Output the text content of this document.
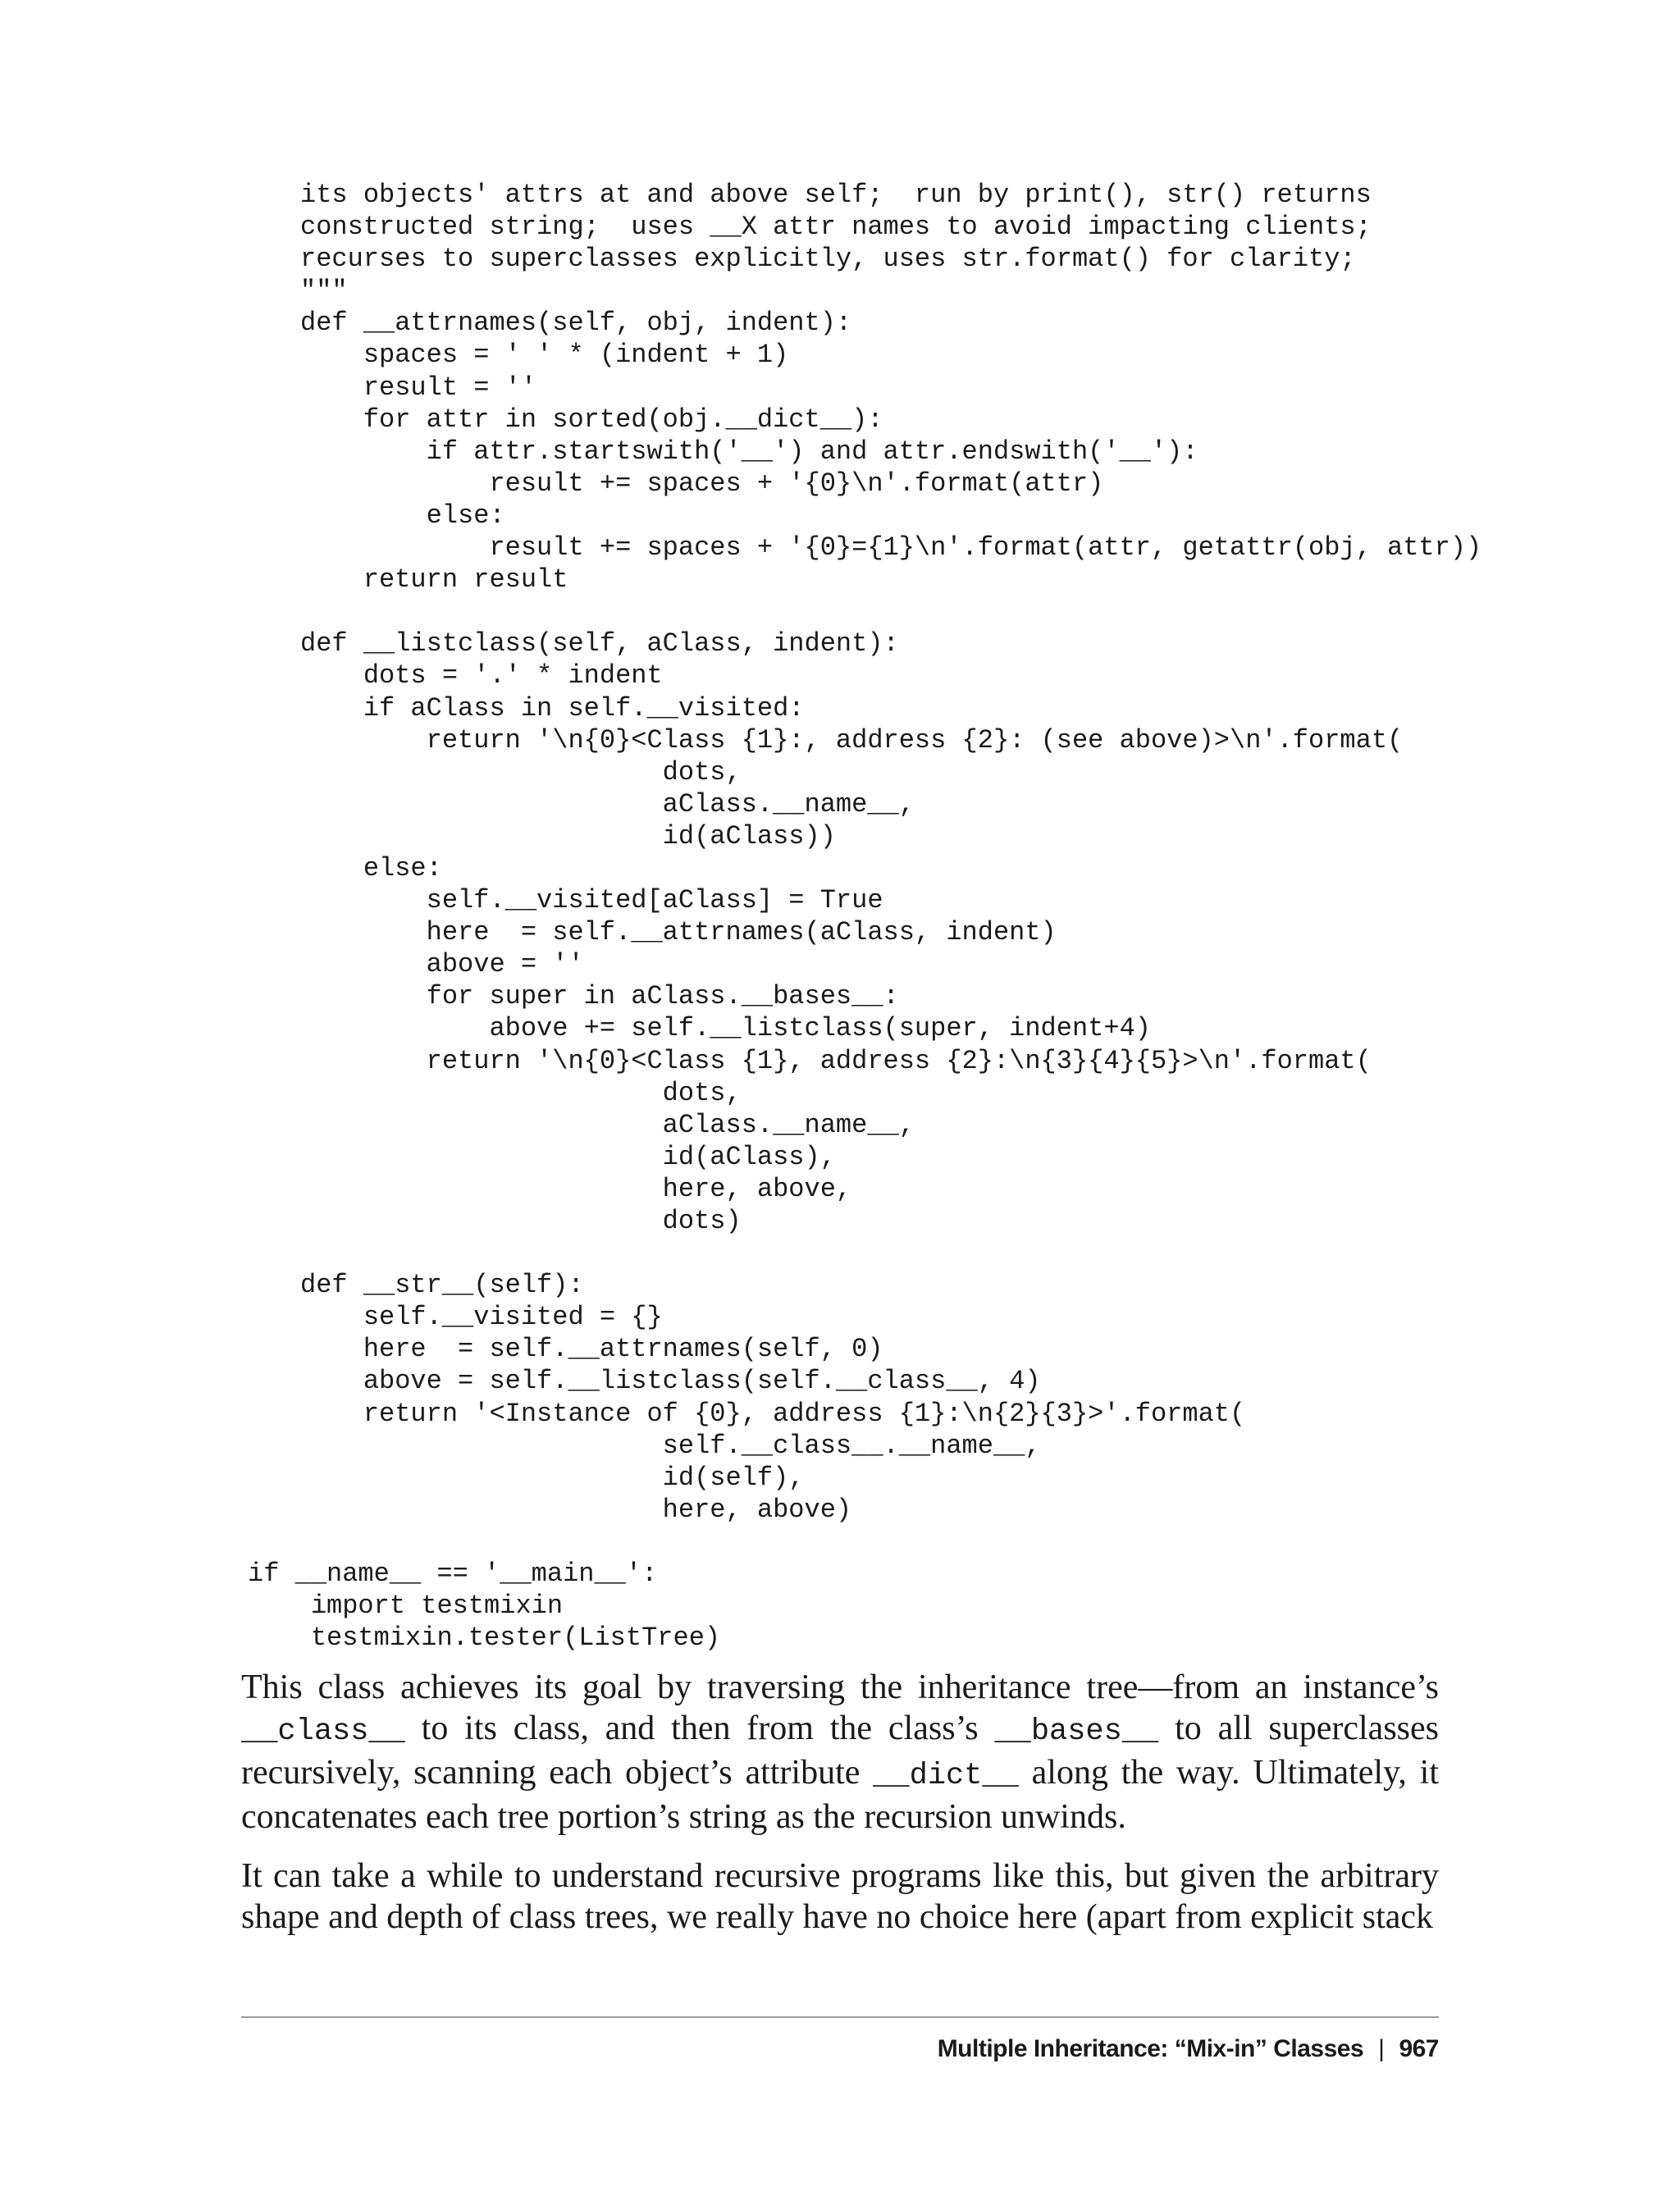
its objects' attrs at and above self;  run by print(), str() returns
constructed string;  uses __X attr names to avoid impacting clients;
recurses to superclasses explicitly, uses str.format() for clarity;
"""
def __attrnames(self, obj, indent):
spaces = ' ' * (indent + 1)
result = ''
for attr in sorted(obj.__dict__):
if attr.startswith('__') and attr.endswith('__'):
result += spaces + '{0}\n'.format(attr)
else:
result += spaces + '{0}={1}\n'.format(attr, getattr(obj, attr))
return result
def __listclass(self, aClass, indent):
dots = '.' * indent
if aClass in self.__visited:
return '\n{0}<Class {1}:, address {2}: (see above)>\n'.format(
dots,
aClass.__name__,
id(aClass))
else:
self.__visited[aClass] = True
here  = self.__attrnames(aClass, indent)
above = ''
for super in aClass.__bases__:
above += self.__listclass(super, indent+4)
return '\n{0}<Class {1}, address {2}:\n{3}{4}{5}>\n'.format(
dots,
aClass.__name__,
id(aClass),
here, above,
dots)
def __str__(self):
self.__visited = {}
here  = self.__attrnames(self, 0)
above = self.__listclass(self.__class__, 4)
return '<Instance of {0}, address {1}:\n{2}{3}>'.format(
self.__class__.__name__,
id(self),
here, above)
if __name__ == '__main__':
import testmixin
testmixin.tester(ListTree)

This class achieves its goal by traversing the inheritance tree—from an instance’s __class__ to its class, and then from the class’s __bases__ to all superclasses recursively, scanning each object’s attribute __dict__ along the way. Ultimately, it concatenates each tree portion’s string as the recursion unwinds.

It can take a while to understand recursive programs like this, but given the arbitrary shape and depth of class trees, we really have no choice here (apart from explicit stack

Multiple Inheritance: “Mix-in” Classes | 967
